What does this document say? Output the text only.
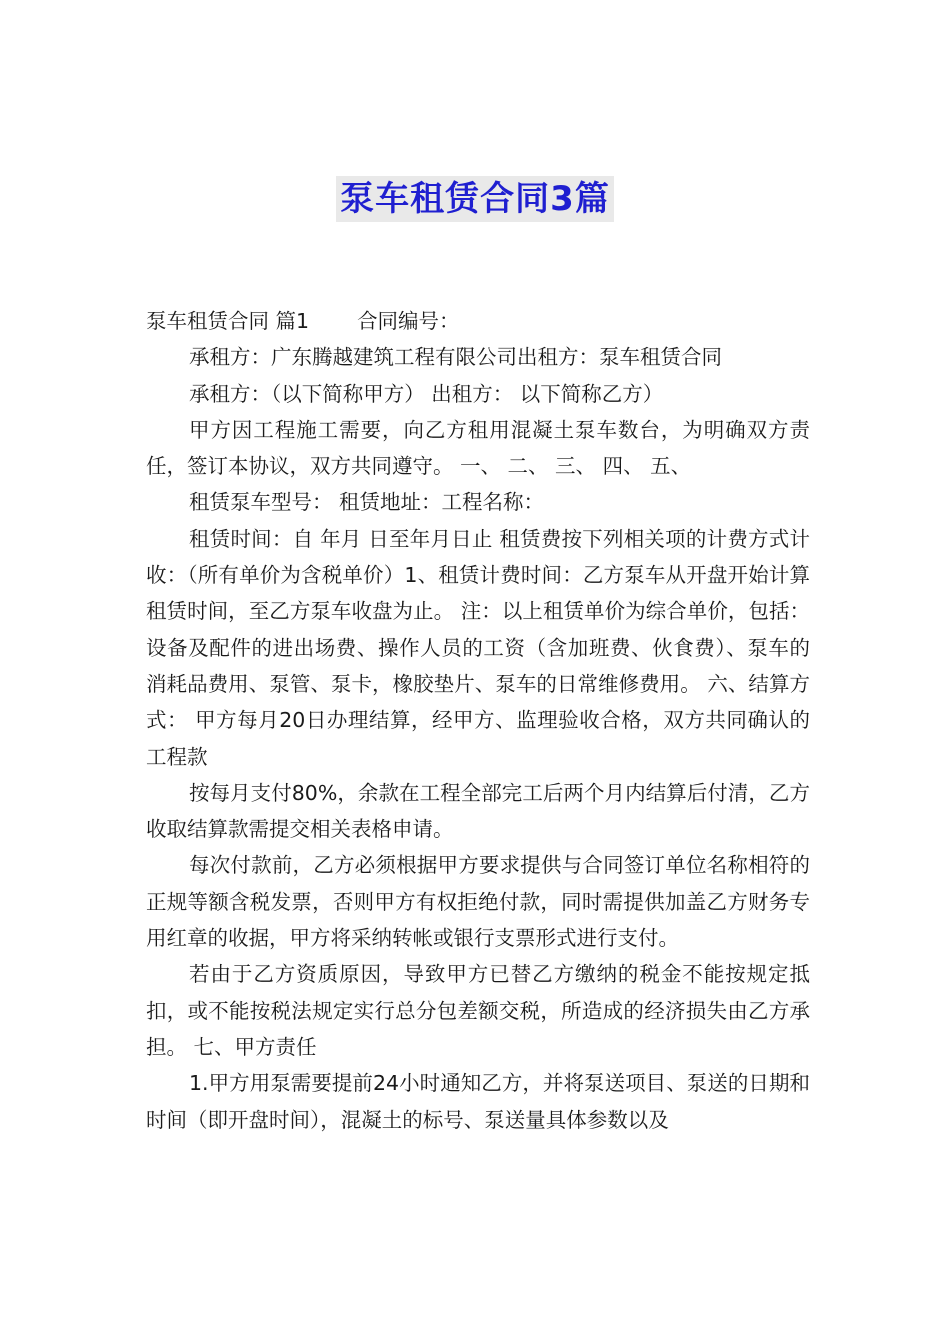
泵车租赁合同3篇

泵车租赁合同 篇1 合同编号：

承租方：广东腾越建筑工程有限公司出租方：泵车租赁合同

承租方：（以下简称甲方） 出租方： 以下简称乙方）

甲方因工程施工需要，向乙方租用混凝土泵车数台，为明确双方责任，签订本协议，双方共同遵守。 一、 二、 三、 四、 五、

租赁泵车型号： 租赁地址：工程名称：

租赁时间：自 年月 日至年月日止 租赁费按下列相关项的计费方式计收：（所有单价为含税单价）1、租赁计费时间：乙方泵车从开盘开始计算租赁时间，至乙方泵车收盘为止。 注：以上租赁单价为综合单价，包括：设备及配件的进出场费、操作人员的工资（含加班费、伙食费）、泵车的消耗品费用、泵管、泵卡，橡胶垫片、泵车的日常维修费用。 六、结算方式： 甲方每月20日办理结算，经甲方、监理验收合格，双方共同确认的工程款

按每月支付80%，余款在工程全部完工后两个月内结算后付清，乙方收取结算款需提交相关表格申请。

每次付款前，乙方必须根据甲方要求提供与合同签订单位名称相符的正规等额含税发票，否则甲方有权拒绝付款，同时需提供加盖乙方财务专用红章的收据，甲方将采纳转帐或银行支票形式进行支付。

若由于乙方资质原因，导致甲方已替乙方缴纳的税金不能按规定抵扣，或不能按税法规定实行总分包差额交税，所造成的经济损失由乙方承担。 七、甲方责任

1.甲方用泵需要提前24小时通知乙方，并将泵送项目、泵送的日期和时间（即开盘时间），混凝土的标号、泵送量具体参数以及
